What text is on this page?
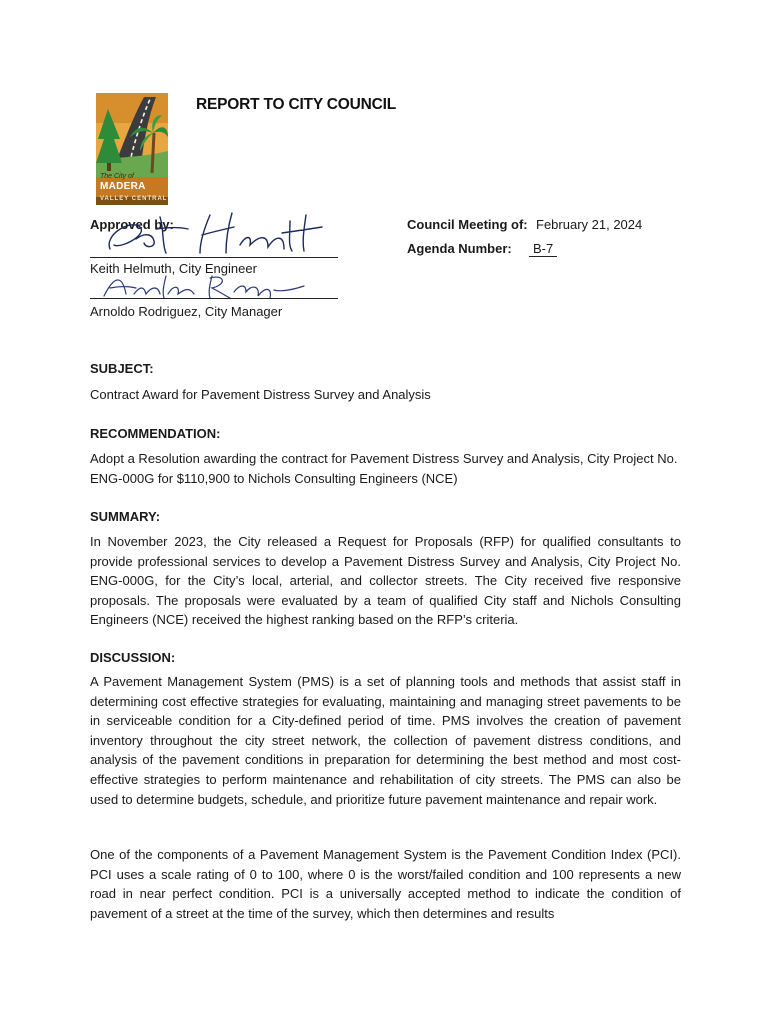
The City of
MADERA
VALLEY CENTRAL
REPORT TO CITY COUNCIL
Approved by:
Keith Helmuth, City Engineer
Arnoldo Rodriguez, City Manager
Council Meeting of: February 21, 2024
Agenda Number:	B-7
SUBJECT:
Contract Award for Pavement Distress Survey and Analysis
RECOMMENDATION:
Adopt a Resolution awarding the contract for Pavement Distress Survey and Analysis, City Project No. ENG-000G for $110,900 to Nichols Consulting Engineers (NCE)
SUMMARY:
In November 2023, the City released a Request for Proposals (RFP) for qualified consultants to provide professional services to develop a Pavement Distress Survey and Analysis, City Project No. ENG-000G, for the City’s local, arterial, and collector streets. The City received five responsive proposals. The proposals were evaluated by a team of qualified City staff and Nichols Consulting Engineers (NCE) received the highest ranking based on the RFP’s criteria.
DISCUSSION:
A Pavement Management System (PMS) is a set of planning tools and methods that assist staff in determining cost effective strategies for evaluating, maintaining and managing street pavements to be in serviceable condition for a City-defined period of time. PMS involves the creation of pavement inventory throughout the city street network, the collection of pavement distress conditions, and analysis of the pavement conditions in preparation for determining the best method and most cost-effective strategies to perform maintenance and rehabilitation of city streets. The PMS can also be used to determine budgets, schedule, and prioritize future pavement maintenance and repair work.
One of the components of a Pavement Management System is the Pavement Condition Index (PCI). PCI uses a scale rating of 0 to 100, where 0 is the worst/failed condition and 100 represents a new road in near perfect condition. PCI is a universally accepted method to indicate the condition of pavement of a street at the time of the survey, which then determines and results
